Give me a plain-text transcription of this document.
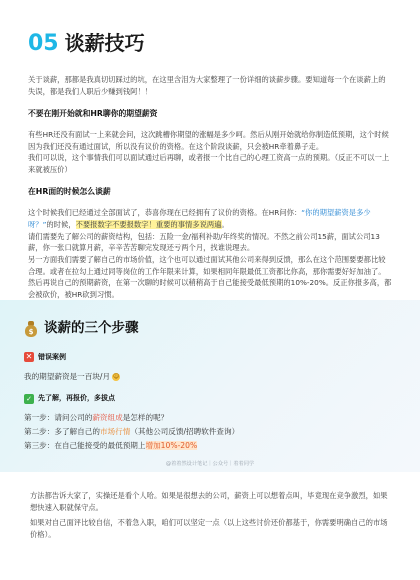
05 谈薪技巧

关于谈薪，那都是我真切切踩过的坑，在这里含泪为大家整理了一份详细的谈薪步骤。要知道每一个在谈薪上的失误，都是我们人职后少赚到钱阿！！

不要在刚开始就和HR聊你的期望薪资

有些HR还没有面试一上来就会问，这次跳槽你期望的涨幅是多少呵。然后从刚开始就给你制造低预期，这个时候因为我们还没有通过面试，所以没有议价的资格。在这个阶段谈薪，只会被HR牵着鼻子走。

我们可以说，这个事情我们可以面试通过后再聊，或者报一个比自己的心理工资高一点的预期。（反正不可以一上来就被压价）

在HR面的时候怎么谈薪

这个时候我们已经通过全部面试了，恭喜你现在已经拥有了议价的资格。在HR问你：“你的期望薪资是多少呀？”的时候，不要报数字不要报数字！重要的事情多说两遍。

请们需要先了解公司的薪资结构，包括：五险一金/福利补助/年终奖的情况。不然之前公司15薪，面试公司13薪，你一张口就算月薪，辛辛苦苦聊完发现还亏两个月，找谁说理去。

另一方面我们需要了解自己的市场价值，这个也可以通过面试其他公司来得到反馈，那么在这个范围要要都比较合理。或者在拉勾上通过同等岗位的工作年限来计算，如果相同年限最低工资都比你高，那你需要好好加油了。

然后再说自己的预期薪资，在第一次聊的时候可以稍稍高于自己能接受最低预期的10%-20%。反正你报多高，都会被砍价，被HR砍到习惯。

$ 谈薪的三个步骤
✕ 错误案例
我的期望薪资是一百块/月 ☺
✓ 先了解，再报价，多拔点
第一步：请问公司的薪资组成是怎样的呢？
第二步：多了解自己的市场行情（其他公司反馈/招聘软件查询）
第三步：在自己能接受的最低预期上增加10%-20%
@着着然设计笔记｜公众号｜着着同学

方法都告诉大家了，实操还是看个人哈。如果是很想去的公司，薪资上可以想着点叫，毕竟现在竞争激烈，如果想快速入职就保守点。

如果对自己面评比较自信，不着急入职，咱们可以坚定一点（以上这些讨价还价都基于，你需要明确自己的市场价格）。
